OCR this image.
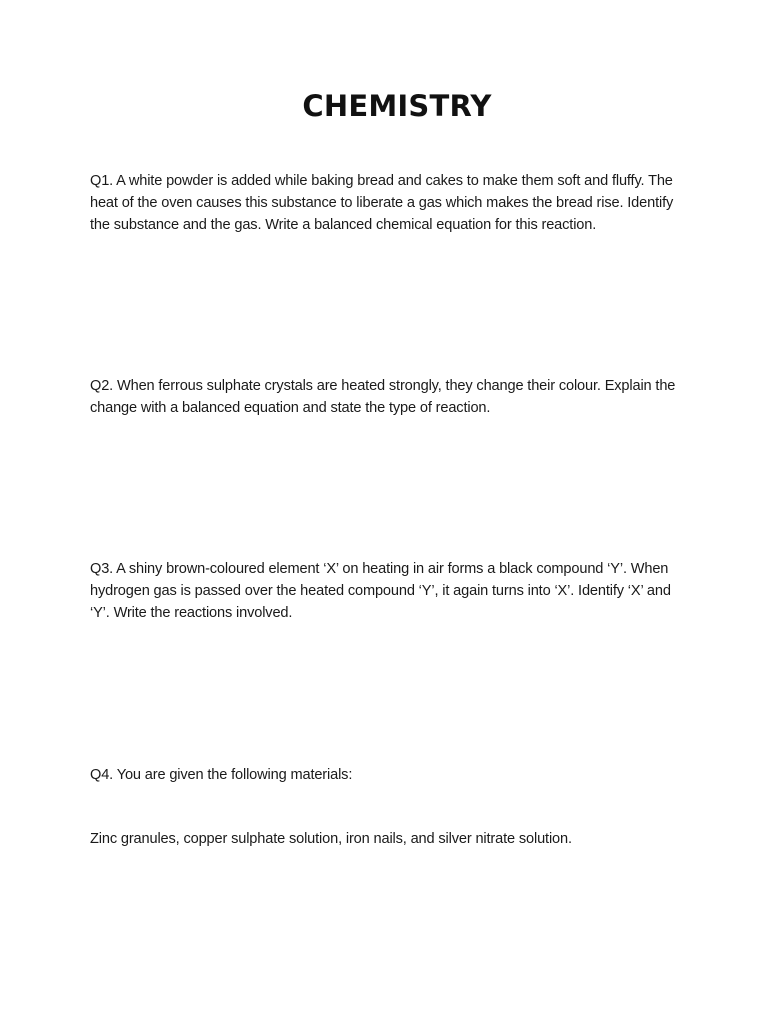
CHEMISTRY

Q1. A white powder is added while baking bread and cakes to make them soft and fluffy. The heat of the oven causes this substance to liberate a gas which makes the bread rise. Identify the substance and the gas. Write a balanced chemical equation for this reaction.

Q2. When ferrous sulphate crystals are heated strongly, they change their colour. Explain the change with a balanced equation and state the type of reaction.

Q3. A shiny brown-coloured element ‘X’ on heating in air forms a black compound ‘Y’. When hydrogen gas is passed over the heated compound ‘Y’, it again turns into ‘X’. Identify ‘X’ and ‘Y’. Write the reactions involved.

Q4. You are given the following materials:

Zinc granules, copper sulphate solution, iron nails, and silver nitrate solution.
